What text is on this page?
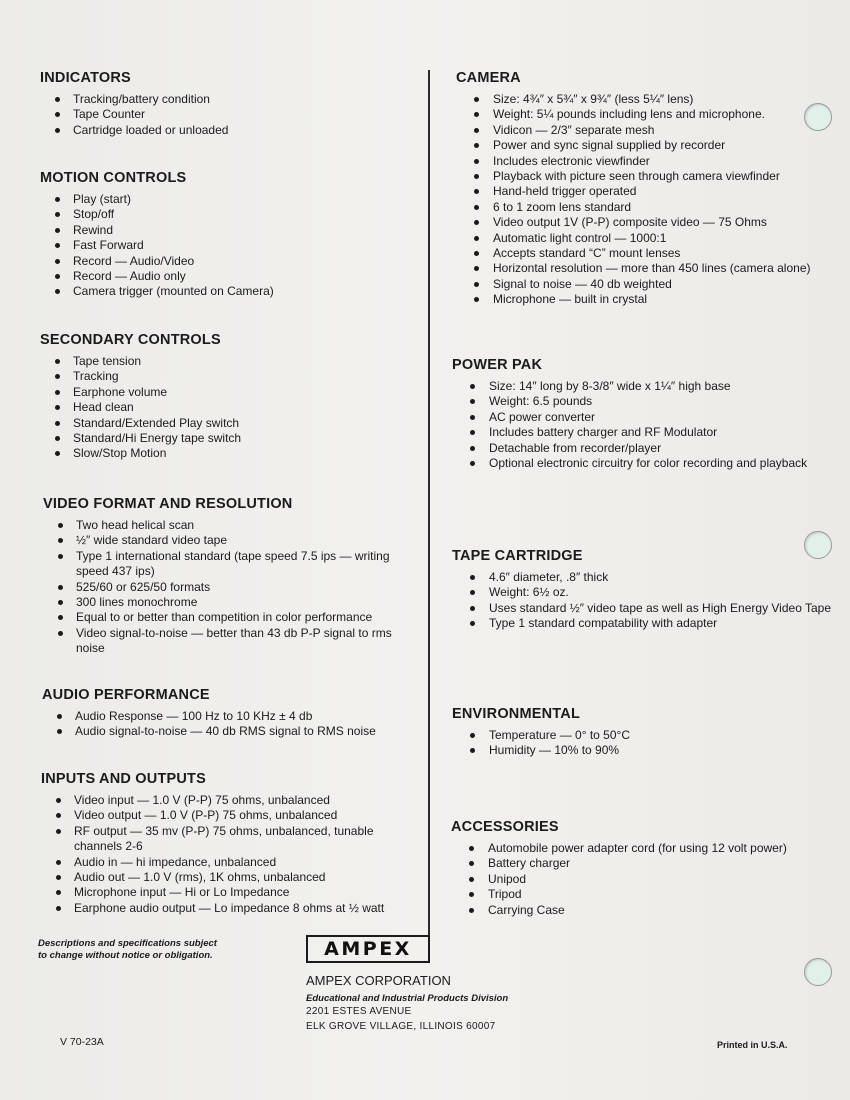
INDICATORS
Tracking/battery condition
Tape Counter
Cartridge loaded or unloaded
MOTION CONTROLS
Play (start)
Stop/off
Rewind
Fast Forward
Record — Audio/Video
Record — Audio only
Camera trigger (mounted on Camera)
SECONDARY CONTROLS
Tape tension
Tracking
Earphone volume
Head clean
Standard/Extended Play switch
Standard/Hi Energy tape switch
Slow/Stop Motion
VIDEO FORMAT AND RESOLUTION
Two head helical scan
½″ wide standard video tape
Type 1 international standard (tape speed 7.5 ips — writing speed 437 ips)
525/60 or 625/50 formats
300 lines monochrome
Equal to or better than competition in color performance
Video signal-to-noise — better than 43 db P-P signal to rms noise
AUDIO PERFORMANCE
Audio Response — 100 Hz to 10 KHz ± 4 db
Audio signal-to-noise — 40 db RMS signal to RMS noise
INPUTS AND OUTPUTS
Video input — 1.0 V (P-P) 75 ohms, unbalanced
Video output — 1.0 V (P-P) 75 ohms, unbalanced
RF output — 35 mv (P-P) 75 ohms, unbalanced, tunable channels 2-6
Audio in — hi impedance, unbalanced
Audio out — 1.0 V (rms), 1K ohms, unbalanced
Microphone input — Hi or Lo Impedance
Earphone audio output — Lo impedance 8 ohms at ½ watt
CAMERA
Size: 4¾″ x 5¾″ x 9¾″ (less 5¼″ lens)
Weight: 5¼ pounds including lens and microphone.
Vidicon — 2/3″ separate mesh
Power and sync signal supplied by recorder
Includes electronic viewfinder
Playback with picture seen through camera viewfinder
Hand-held trigger operated
6 to 1 zoom lens standard
Video output 1V (P-P) composite video — 75 Ohms
Automatic light control — 1000:1
Accepts standard “C” mount lenses
Horizontal resolution — more than 450 lines (camera alone)
Signal to noise — 40 db weighted
Microphone — built in crystal
POWER PAK
Size: 14″ long by 8-3/8″ wide x 1¼″ high base
Weight: 6.5 pounds
AC power converter
Includes battery charger and RF Modulator
Detachable from recorder/player
Optional electronic circuitry for color recording and playback
TAPE CARTRIDGE
4.6″ diameter, .8″ thick
Weight: 6½ oz.
Uses standard ½″ video tape as well as High Energy Video Tape
Type 1 standard compatability with adapter
ENVIRONMENTAL
Temperature — 0° to 50°C
Humidity — 10% to 90%
ACCESSORIES
Automobile power adapter cord (for using 12 volt power)
Battery charger
Unipod
Tripod
Carrying Case
Descriptions and specifications subject
to change without notice or obligation.	AMPEX
AMPEX CORPORATION
Educational and Industrial Products Division
2201 ESTES AVENUE
ELK GROVE VILLAGE, ILLINOIS 60007
V 70-23A	Printed in U.S.A.
